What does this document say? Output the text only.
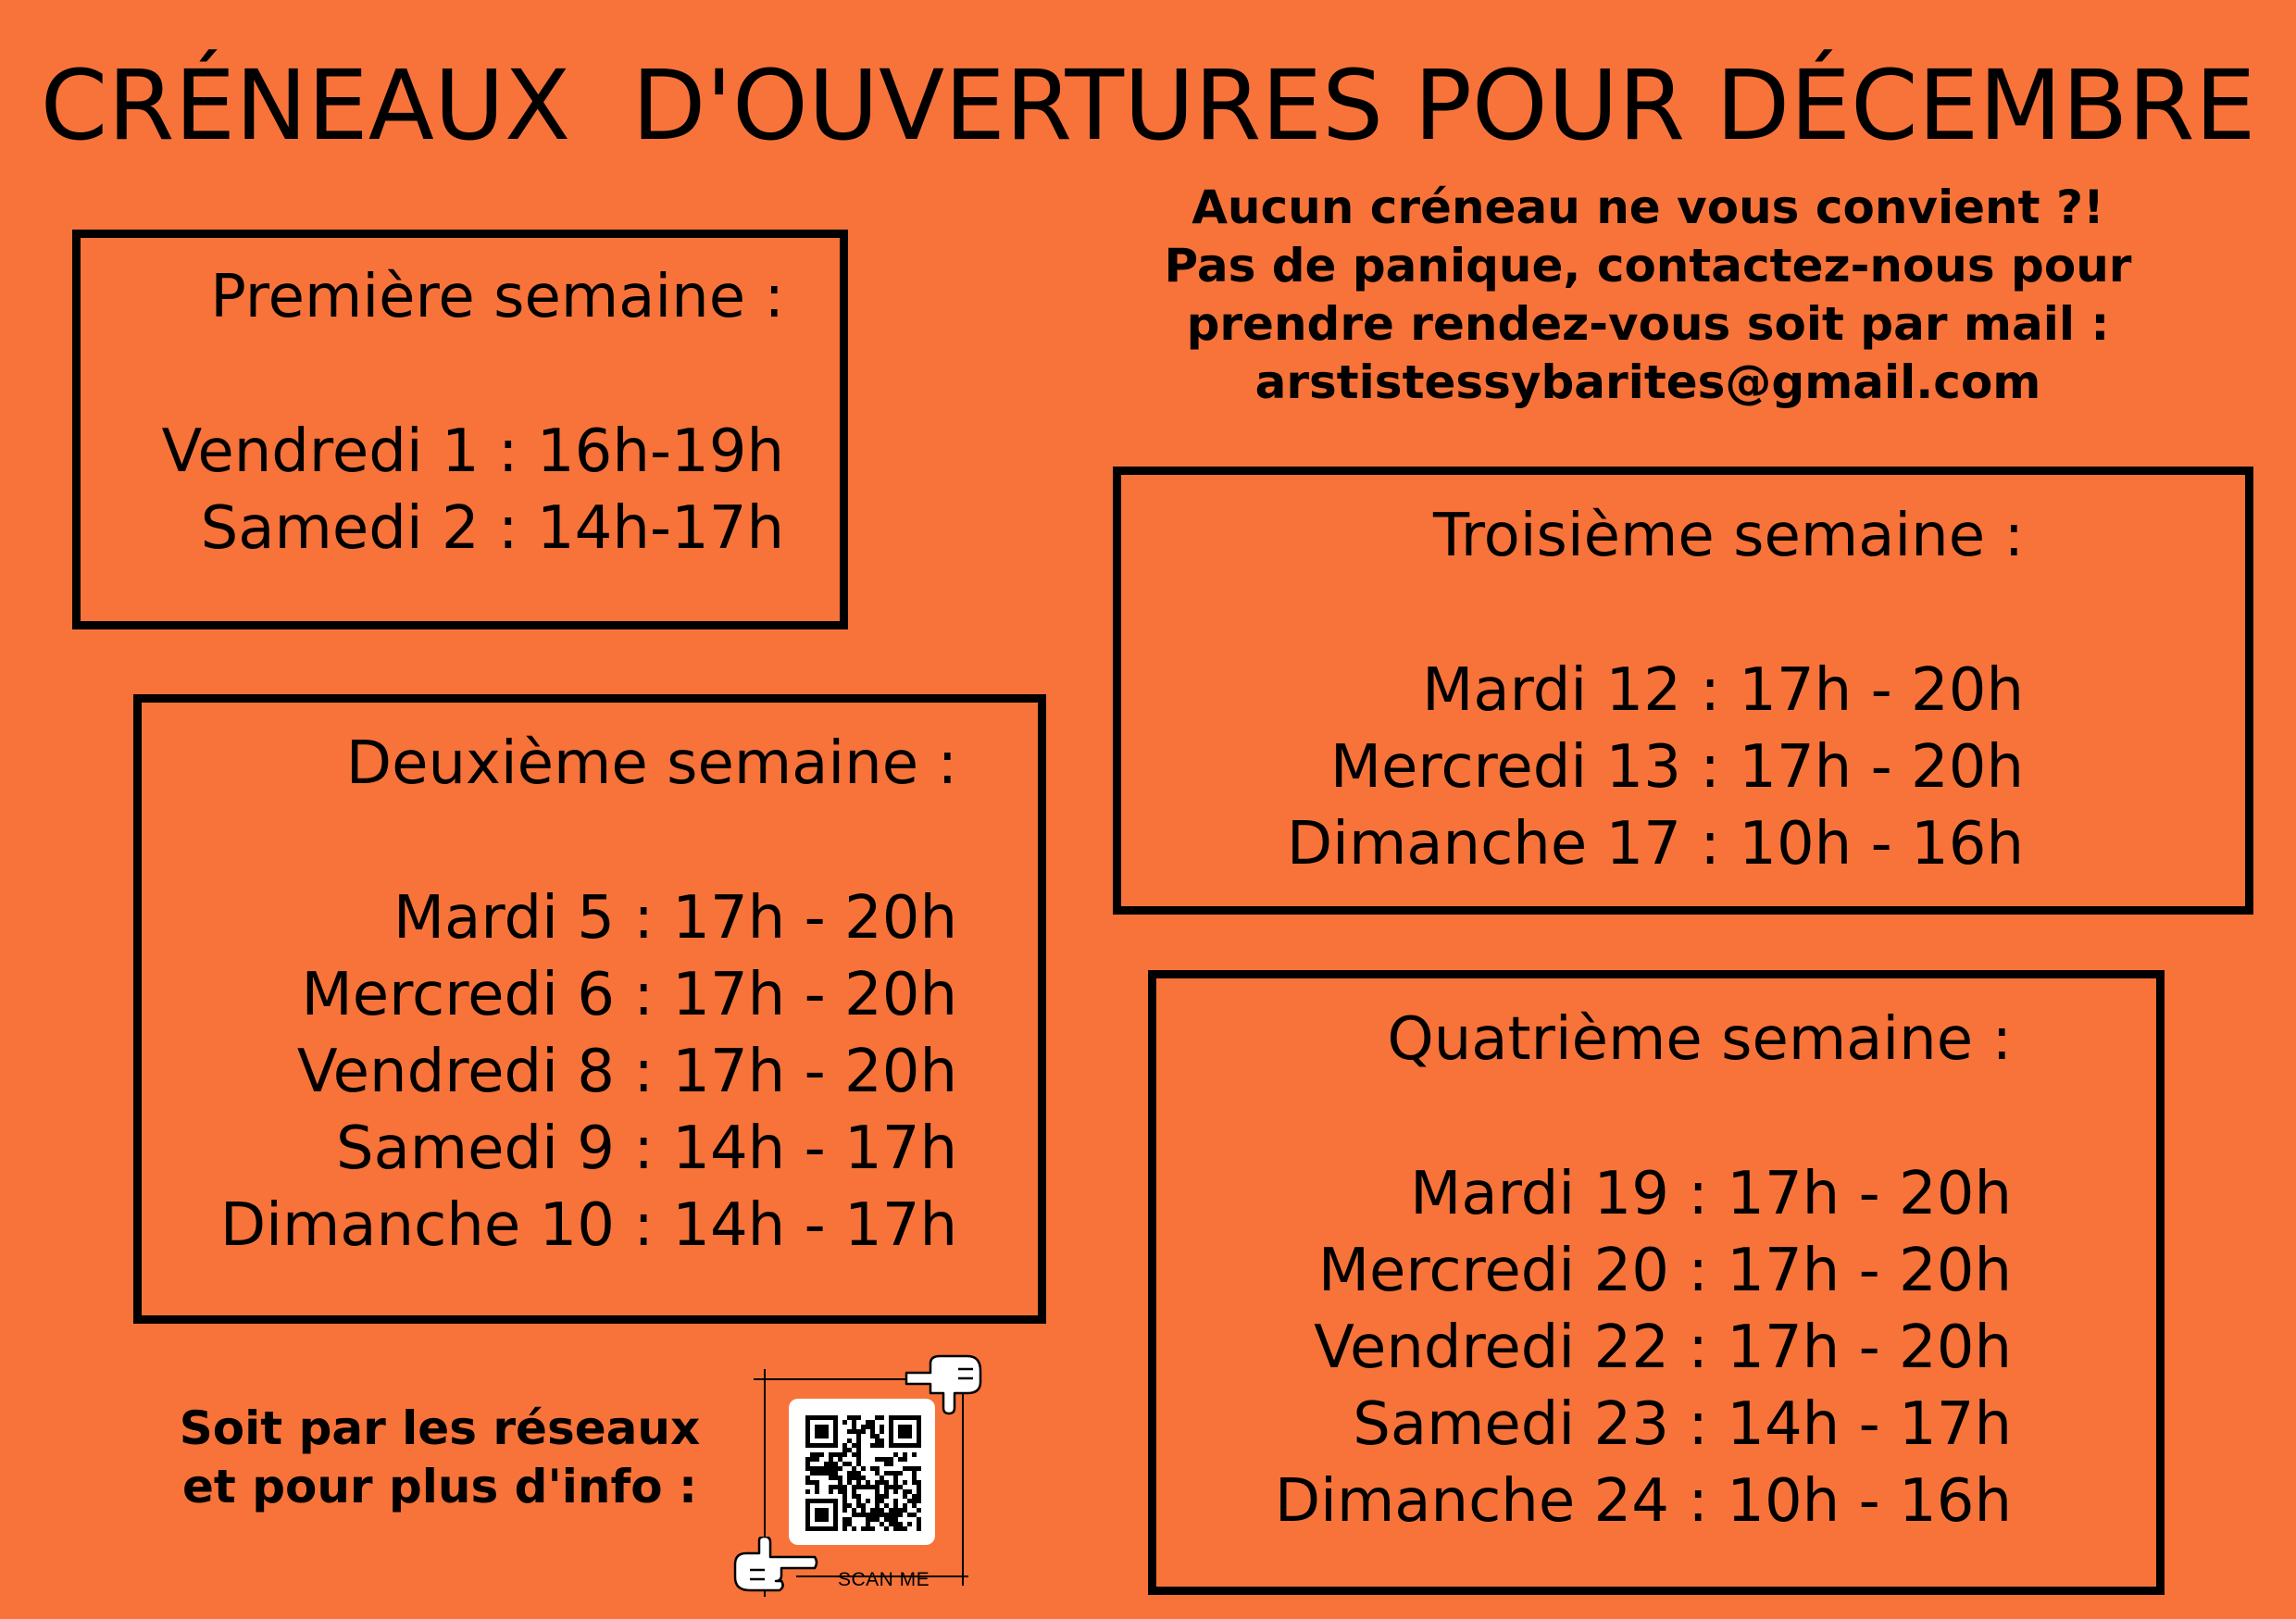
CRÉNEAUX  D'OUVERTURES POUR DÉCEMBRE
Première semaine :
Vendredi 1 : 16h-19h
Samedi 2 : 14h-17h
Deuxième semaine :
Mardi 5 : 17h - 20h
Mercredi 6 : 17h - 20h
Vendredi 8 : 17h - 20h
Samedi 9 : 14h - 17h
Dimanche 10 : 14h - 17h
Aucun créneau ne vous convient ?!
Pas de panique, contactez-nous pour
prendre rendez-vous soit par mail :
arstistessybarites@gmail.com
Troisième semaine :
Mardi 12 : 17h - 20h
Mercredi 13 : 17h - 20h
Dimanche 17 : 10h - 16h
Quatrième semaine :
Mardi 19 : 17h - 20h
Mercredi 20 : 17h - 20h
Vendredi 22 : 17h - 20h
Samedi 23 : 14h - 17h
Dimanche 24 : 10h - 16h
Soit par les réseaux
et pour plus d'info :
SCAN ME
